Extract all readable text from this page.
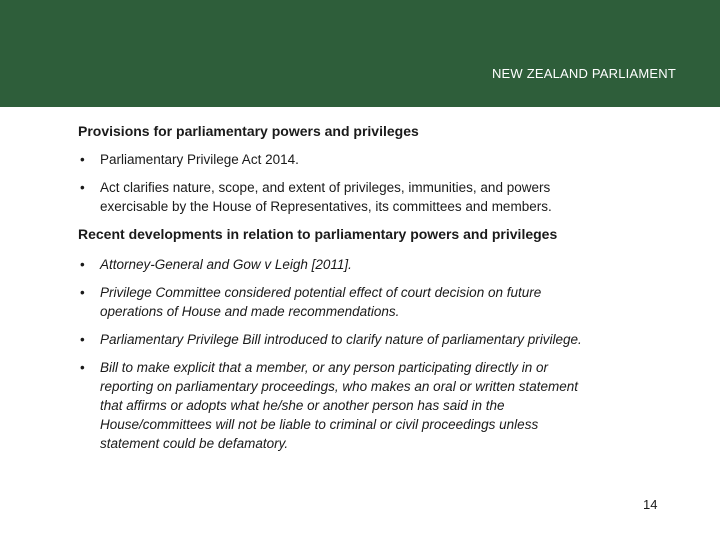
NEW ZEALAND PARLIAMENT
Provisions for parliamentary powers and privileges
• Parliamentary Privilege Act 2014.
• Act clarifies nature, scope, and extent of privileges, immunities, and powers exercisable by the House of Representatives, its committees and members.
Recent developments in relation to parliamentary powers and privileges
• Attorney-General and Gow v Leigh [2011].
• Privilege Committee considered potential effect of court decision on future operations of House and made recommendations.
• Parliamentary Privilege Bill introduced to clarify nature of parliamentary privilege.
• Bill to make explicit that a member, or any person participating directly in or reporting on parliamentary proceedings, who makes an oral or written statement that affirms or adopts what he/she or another person has said in the House/committees will not be liable to criminal or civil proceedings unless statement could be defamatory.
14
